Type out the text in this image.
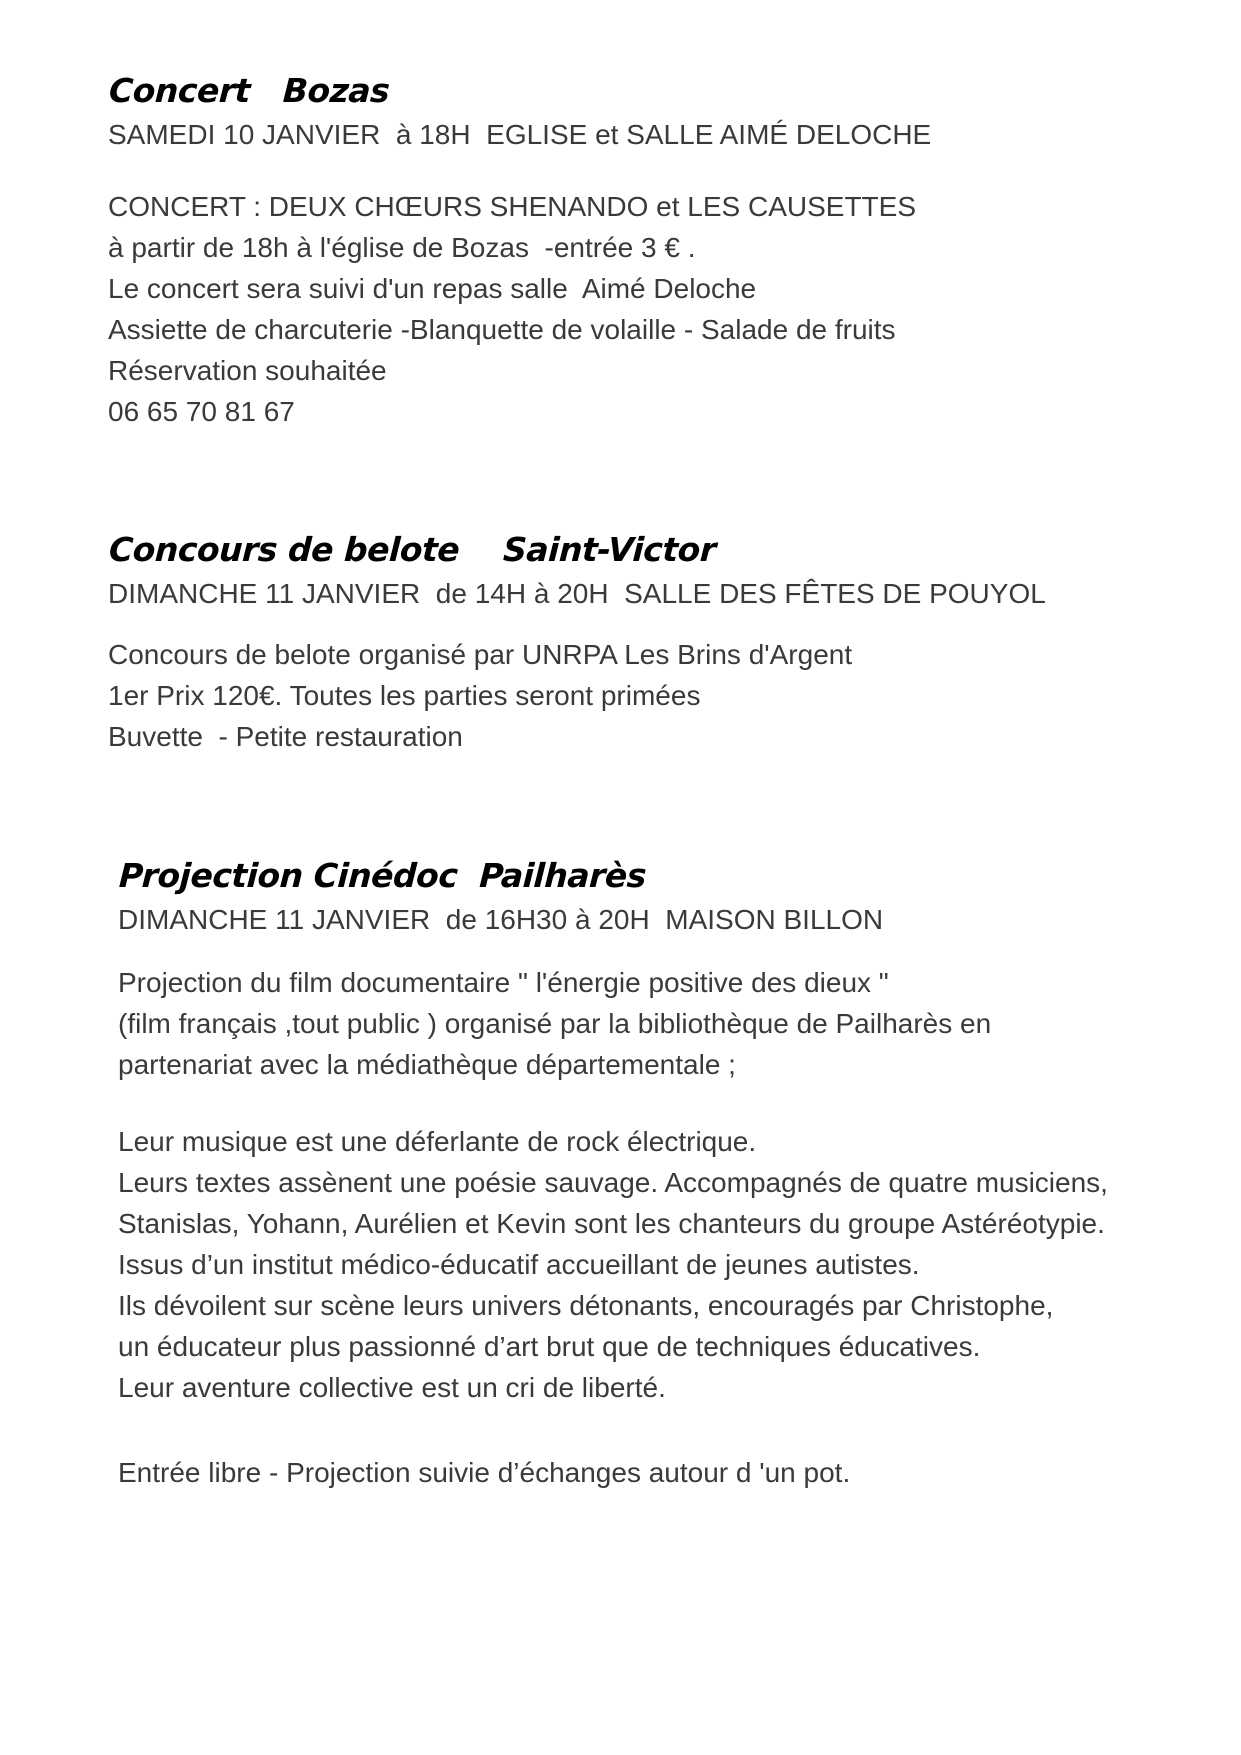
Concert   Bozas

SAMEDI 10 JANVIER  à 18H  EGLISE et SALLE AIMÉ DELOCHE

CONCERT : DEUX CHŒURS SHENANDO et LES CAUSETTES

à partir de 18h à l'église de Bozas  -entrée 3 € .

Le concert sera suivi d'un repas salle  Aimé Deloche

Assiette de charcuterie -Blanquette de volaille - Salade de fruits

Réservation souhaitée

06 65 70 81 67

Concours de belote    Saint-Victor

DIMANCHE 11 JANVIER  de 14H à 20H  SALLE DES FÊTES DE POUYOL

Concours de belote organisé par UNRPA Les Brins d'Argent

1er Prix 120€. Toutes les parties seront primées

Buvette  - Petite restauration

Projection Cinédoc  Pailharès

DIMANCHE 11 JANVIER  de 16H30 à 20H  MAISON BILLON

Projection du film documentaire " l'énergie positive des dieux "

(film français ,tout public ) organisé par la bibliothèque de Pailharès en

partenariat avec la médiathèque départementale ;

Leur musique est une déferlante de rock électrique.

Leurs textes assènent une poésie sauvage. Accompagnés de quatre musiciens,

Stanislas, Yohann, Aurélien et Kevin sont les chanteurs du groupe Astéréotypie.

Issus d’un institut médico-éducatif accueillant de jeunes autistes.

Ils dévoilent sur scène leurs univers détonants, encouragés par Christophe,

un éducateur plus passionné d’art brut que de techniques éducatives.

Leur aventure collective est un cri de liberté.

Entrée libre - Projection suivie d’échanges autour d 'un pot.
